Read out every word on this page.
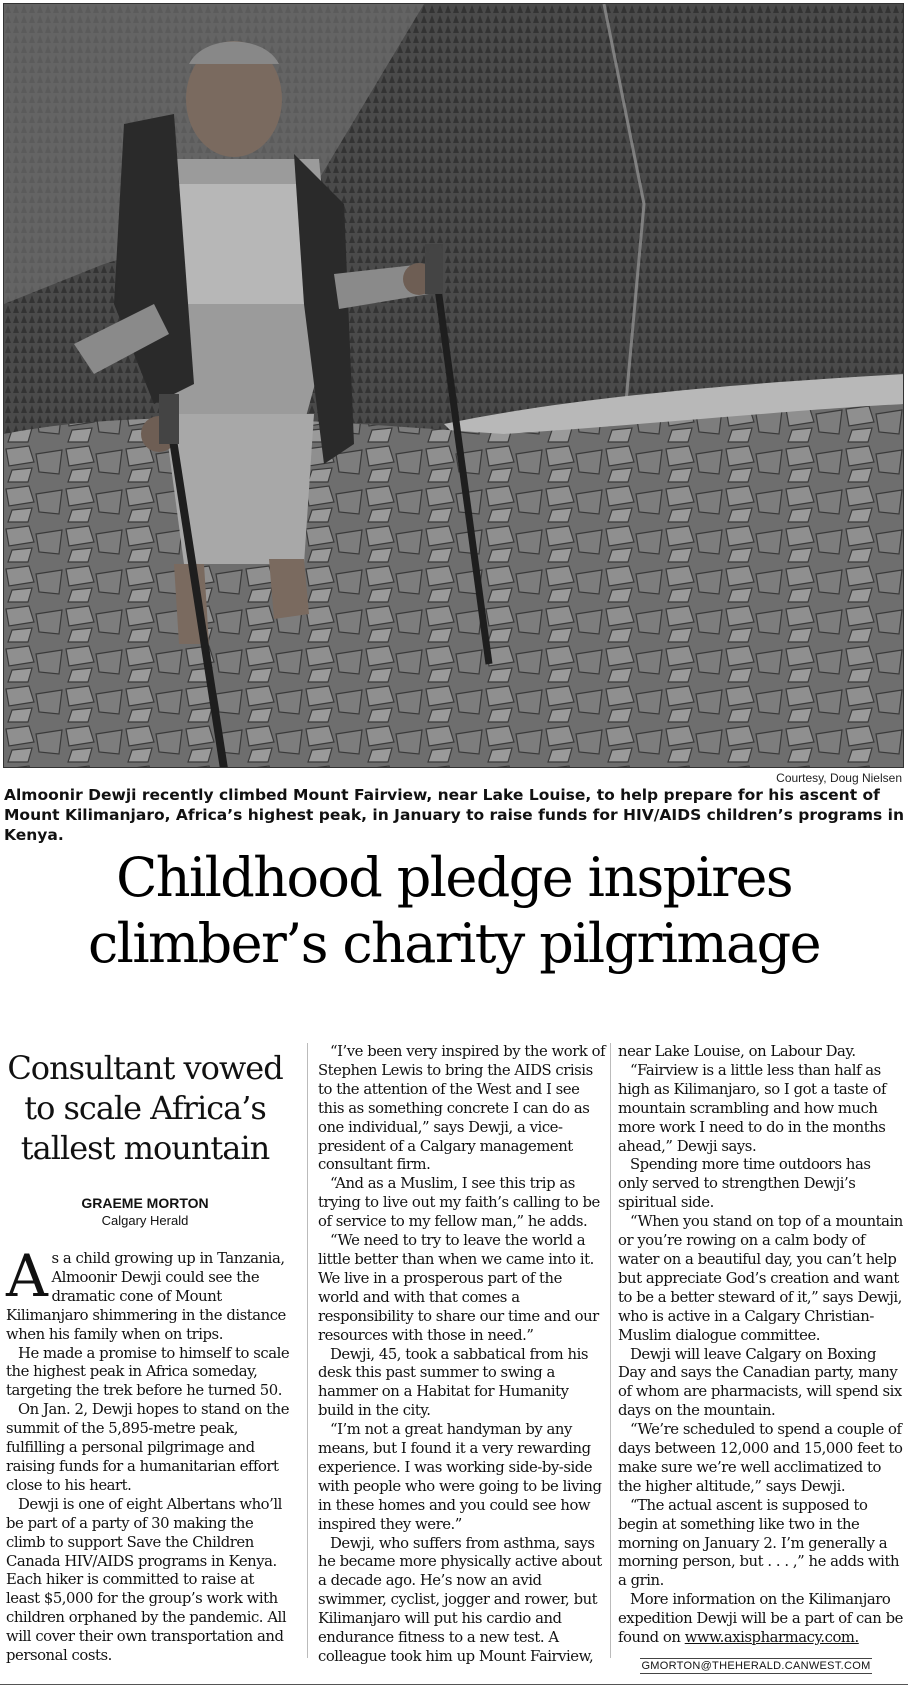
Courtesy, Doug Nielsen
Almoonir Dewji recently climbed Mount Fairview, near Lake Louise, to help prepare for his ascent of Mount Kilimanjaro, Africa’s highest peak, in January to raise funds for HIV/AIDS children’s programs in Kenya.
Childhood pledge inspires
climber’s charity pilgrimage
Consultant vowed to scale Africa’s tallest mountain
GRAEME MORTON
Calgary Herald

As a child growing up in Tanzania, Almoonir Dewji could see the dramatic cone of Mount Kilimanjaro shimmering in the distance when his family when on trips.

He made a promise to himself to scale the highest peak in Africa someday, targeting the trek before he turned 50.

On Jan. 2, Dewji hopes to stand on the summit of the 5,895-metre peak, fulfilling a personal pilgrimage and raising funds for a humanitarian effort close to his heart.

Dewji is one of eight Albertans who’ll be part of a party of 30 making the climb to support Save the Children Canada HIV/AIDS programs in Kenya. Each hiker is committed to raise at least $5,000 for the group’s work with children orphaned by the pandemic. All will cover their own transportation and personal costs.

“I’ve been very inspired by the work of Stephen Lewis to bring the AIDS crisis to the attention of the West and I see this as something concrete I can do as one individual,” says Dewji, a vice-president of a Calgary management consultant firm.

“And as a Muslim, I see this trip as trying to live out my faith’s calling to be of service to my fellow man,” he adds.

“We need to try to leave the world a little better than when we came into it. We live in a prosperous part of the world and with that comes a responsibility to share our time and our resources with those in need.”

Dewji, 45, took a sabbatical from his desk this past summer to swing a hammer on a Habitat for Humanity build in the city.

“I’m not a great handyman by any means, but I found it a very rewarding experience. I was working side-by-side with people who were going to be living in these homes and you could see how inspired they were.”

Dewji, who suffers from asthma, says he became more physically active about a decade ago. He’s now an avid swimmer, cyclist, jogger and rower, but Kilimanjaro will put his cardio and endurance fitness to a new test. A colleague took him up Mount Fairview,

near Lake Louise, on Labour Day.

“Fairview is a little less than half as high as Kilimanjaro, so I got a taste of mountain scrambling and how much more work I need to do in the months ahead,” Dewji says.

Spending more time outdoors has only served to strengthen Dewji’s spiritual side.

“When you stand on top of a mountain or you’re rowing on a calm body of water on a beautiful day, you can’t help but appreciate God’s creation and want to be a better steward of it,” says Dewji, who is active in a Calgary Christian-Muslim dialogue committee.

Dewji will leave Calgary on Boxing Day and says the Canadian party, many of whom are pharmacists, will spend six days on the mountain.

“We’re scheduled to spend a couple of days between 12,000 and 15,000 feet to make sure we’re well acclimatized to the higher altitude,” says Dewji.

“The actual ascent is supposed to begin at something like two in the morning on January 2. I’m generally a morning person, but . . . ,” he adds with a grin.

More information on the Kilimanjaro expedition Dewji will be a part of can be found on www.axispharmacy.com.

GMORTON@THEHERALD.CANWEST.COM
